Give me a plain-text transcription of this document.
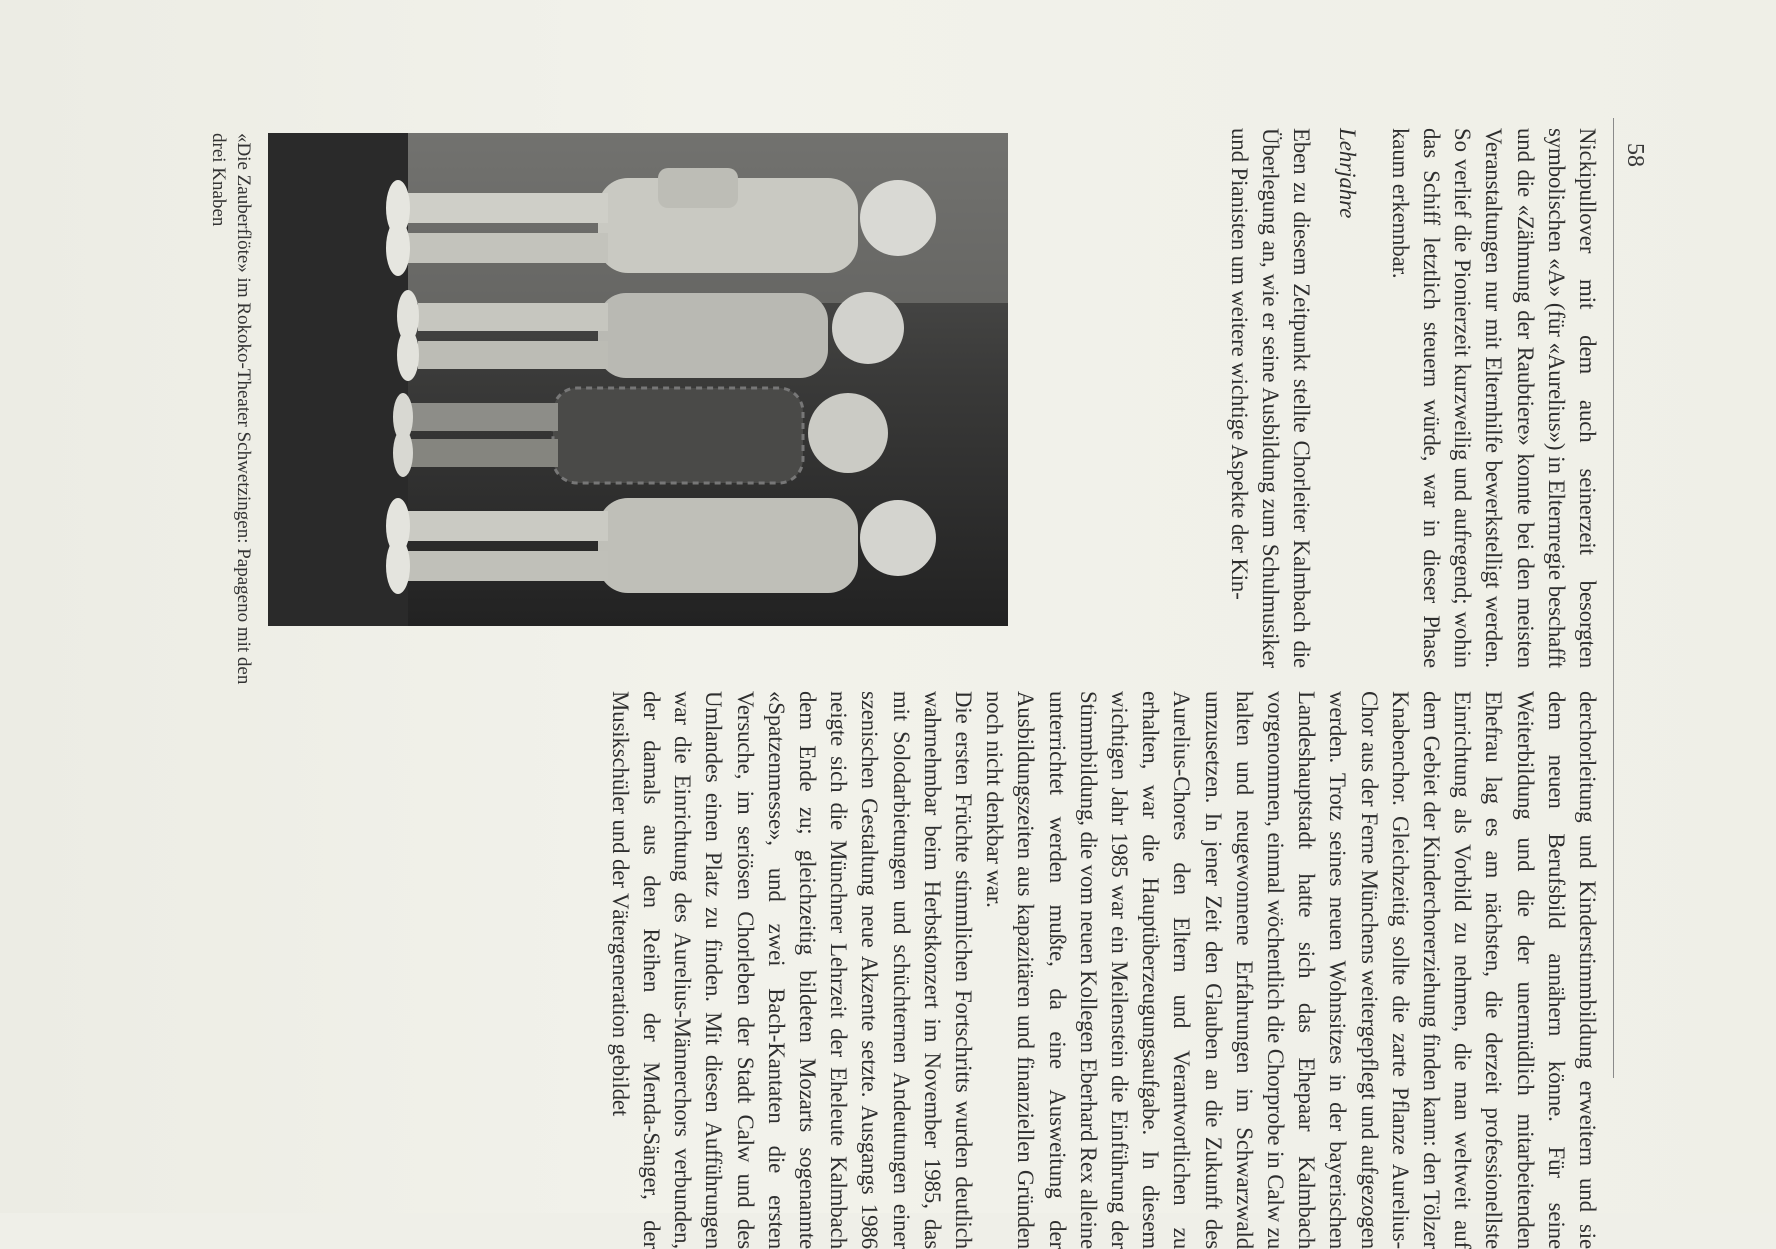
58

Nickipullover mit dem auch seinerzeit besorgten symbolischen «A» (für «Aurelius») in Elternregie beschafft und die «Zähmung der Raubtiere» konnte bei den meisten Veranstaltungen nur mit Elternhilfe bewerkstelligt werden. So verlief die Pionierzeit kurzweilig und aufregend; wohin das Schiff letztlich steuern würde, war in dieser Phase kaum erkennbar.

Lehrjahre

Eben zu diesem Zeitpunkt stellte Chorleiter Kalmbach die Überlegung an, wie er seine Ausbildung zum Schulmusiker und Pianisten um weitere wichtige Aspekte der Kin-

«Die Zauberflöte» im Rokoko-Theater Schwetzingen: Papageno mit den drei Knaben

derchorleitung und Kinderstimmbildung erweitern und sie dem neuen Berufsbild annähern könne. Für seine Weiterbildung und die der unermüdlich mitarbeitenden Ehefrau lag es am nächsten, die derzeit professionellste Einrichtung als Vorbild zu nehmen, die man weltweit auf dem Gebiet der Kinderchorerziehung finden kann: den Tölzer Knabenchor. Gleichzeitig sollte die zarte Pflanze Aurelius-Chor aus der Ferne Münchens weitergepflegt und aufgezogen werden. Trotz seines neuen Wohnsitzes in der bayerischen Landeshauptstadt hatte sich das Ehepaar Kalmbach vorgenommen, einmal wöchentlich die Chorprobe in Calw zu halten und neugewonnene Erfahrungen im Schwarzwald umzusetzen. In jener Zeit den Glauben an die Zukunft des Aurelius-Chores den Eltern und Verantwortlichen zu erhalten, war die Hauptüberzeugungsaufgabe. In diesem wichtigen Jahr 1985 war ein Meilenstein die Einführung der Stimmbildung, die vom neuen Kollegen Eberhard Rex alleine unterrichtet werden mußte, da eine Ausweitung der Ausbildungszeiten aus kapazitären und finanziellen Gründen noch nicht denkbar war.

Die ersten Früchte stimmlichen Fortschritts wurden deutlich wahrnehmbar beim Herbstkonzert im November 1985, das mit Solodarbietungen und schüchternen Andeutungen einer szenischen Gestaltung neue Akzente setzte. Ausgangs 1986 neigte sich die Münchner Lehrzeit der Eheleute Kalmbach dem Ende zu; gleichzeitig bildeten Mozarts sogenannte «Spatzenmesse», und zwei Bach-Kantaten die ersten Versuche, im seriösen Chorleben der Stadt Calw und des Umlandes einen Platz zu finden. Mit diesen Aufführungen war die Einrichtung des Aurelius-Männerchors verbunden, der damals aus den Reihen der Menda-Sänger, der Musikschüler und der Vätergeneration gebildet
